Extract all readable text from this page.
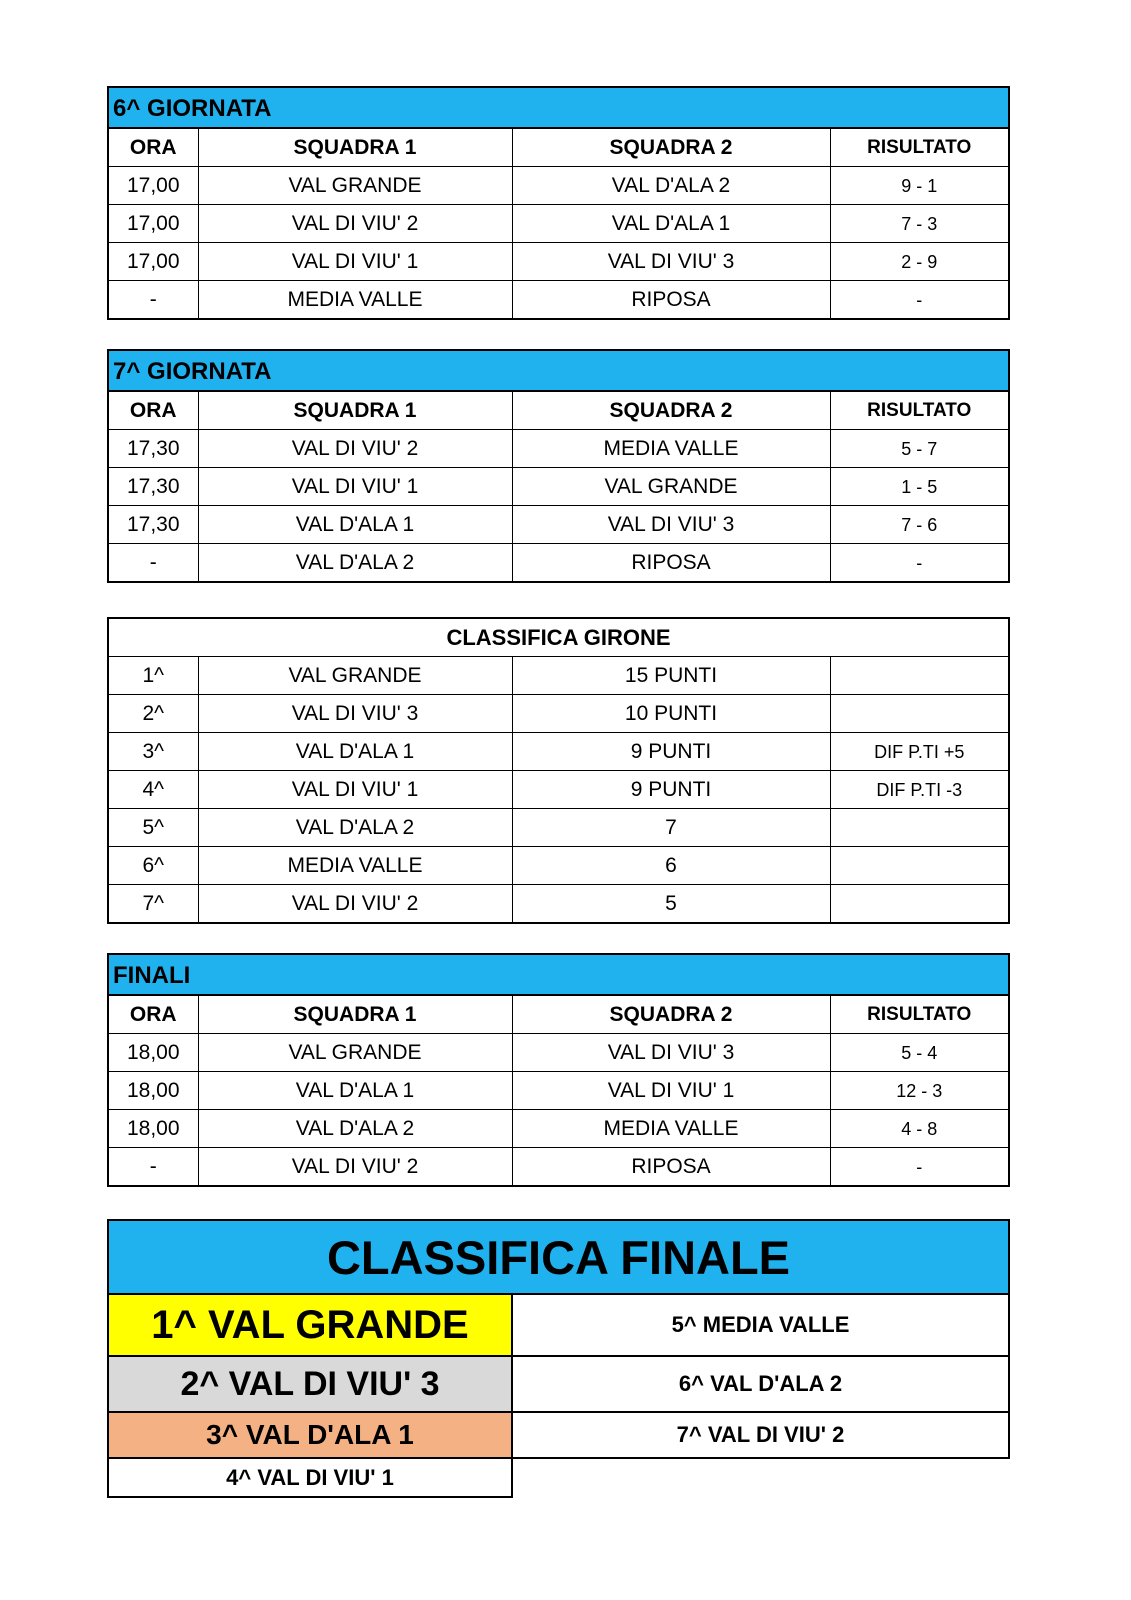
6^ GIORNATA
ORA	SQUADRA 1	SQUADRA 2	RISULTATO
17,00	VAL GRANDE	VAL D'ALA 2	9 - 1
17,00	VAL DI VIU' 2	VAL D'ALA 1	7 - 3
17,00	VAL DI VIU' 1	VAL DI VIU' 3	2 - 9
-	MEDIA VALLE	RIPOSA	-
7^ GIORNATA
ORA	SQUADRA 1	SQUADRA 2	RISULTATO
17,30	VAL DI VIU' 2	MEDIA VALLE	5 - 7
17,30	VAL DI VIU' 1	VAL GRANDE	1 - 5
17,30	VAL D'ALA 1	VAL DI VIU' 3	7 - 6
-	VAL D'ALA 2	RIPOSA	-
CLASSIFICA GIRONE			
1^	VAL GRANDE	15 PUNTI	
2^	VAL DI VIU' 3	10 PUNTI	
3^	VAL D'ALA 1	9 PUNTI	DIF P.TI +5
4^	VAL DI VIU' 1	9 PUNTI	DIF P.TI -3
5^	VAL D'ALA 2	7	
6^	MEDIA VALLE	6	
7^	VAL DI VIU' 2	5	
FINALI
ORA	SQUADRA 1	SQUADRA 2	RISULTATO
18,00	VAL GRANDE	VAL DI VIU' 3	5 - 4
18,00	VAL D'ALA 1	VAL DI VIU' 1	12 - 3
18,00	VAL D'ALA 2	MEDIA VALLE	4 - 8
-	VAL DI VIU' 2	RIPOSA	-
CLASSIFICA FINALE
1^ VAL GRANDE
2^ VAL DI VIU' 3
3^ VAL D'ALA 1
4^ VAL DI VIU' 1
5^ MEDIA VALLE
6^ VAL D'ALA 2
7^ VAL DI VIU' 2
